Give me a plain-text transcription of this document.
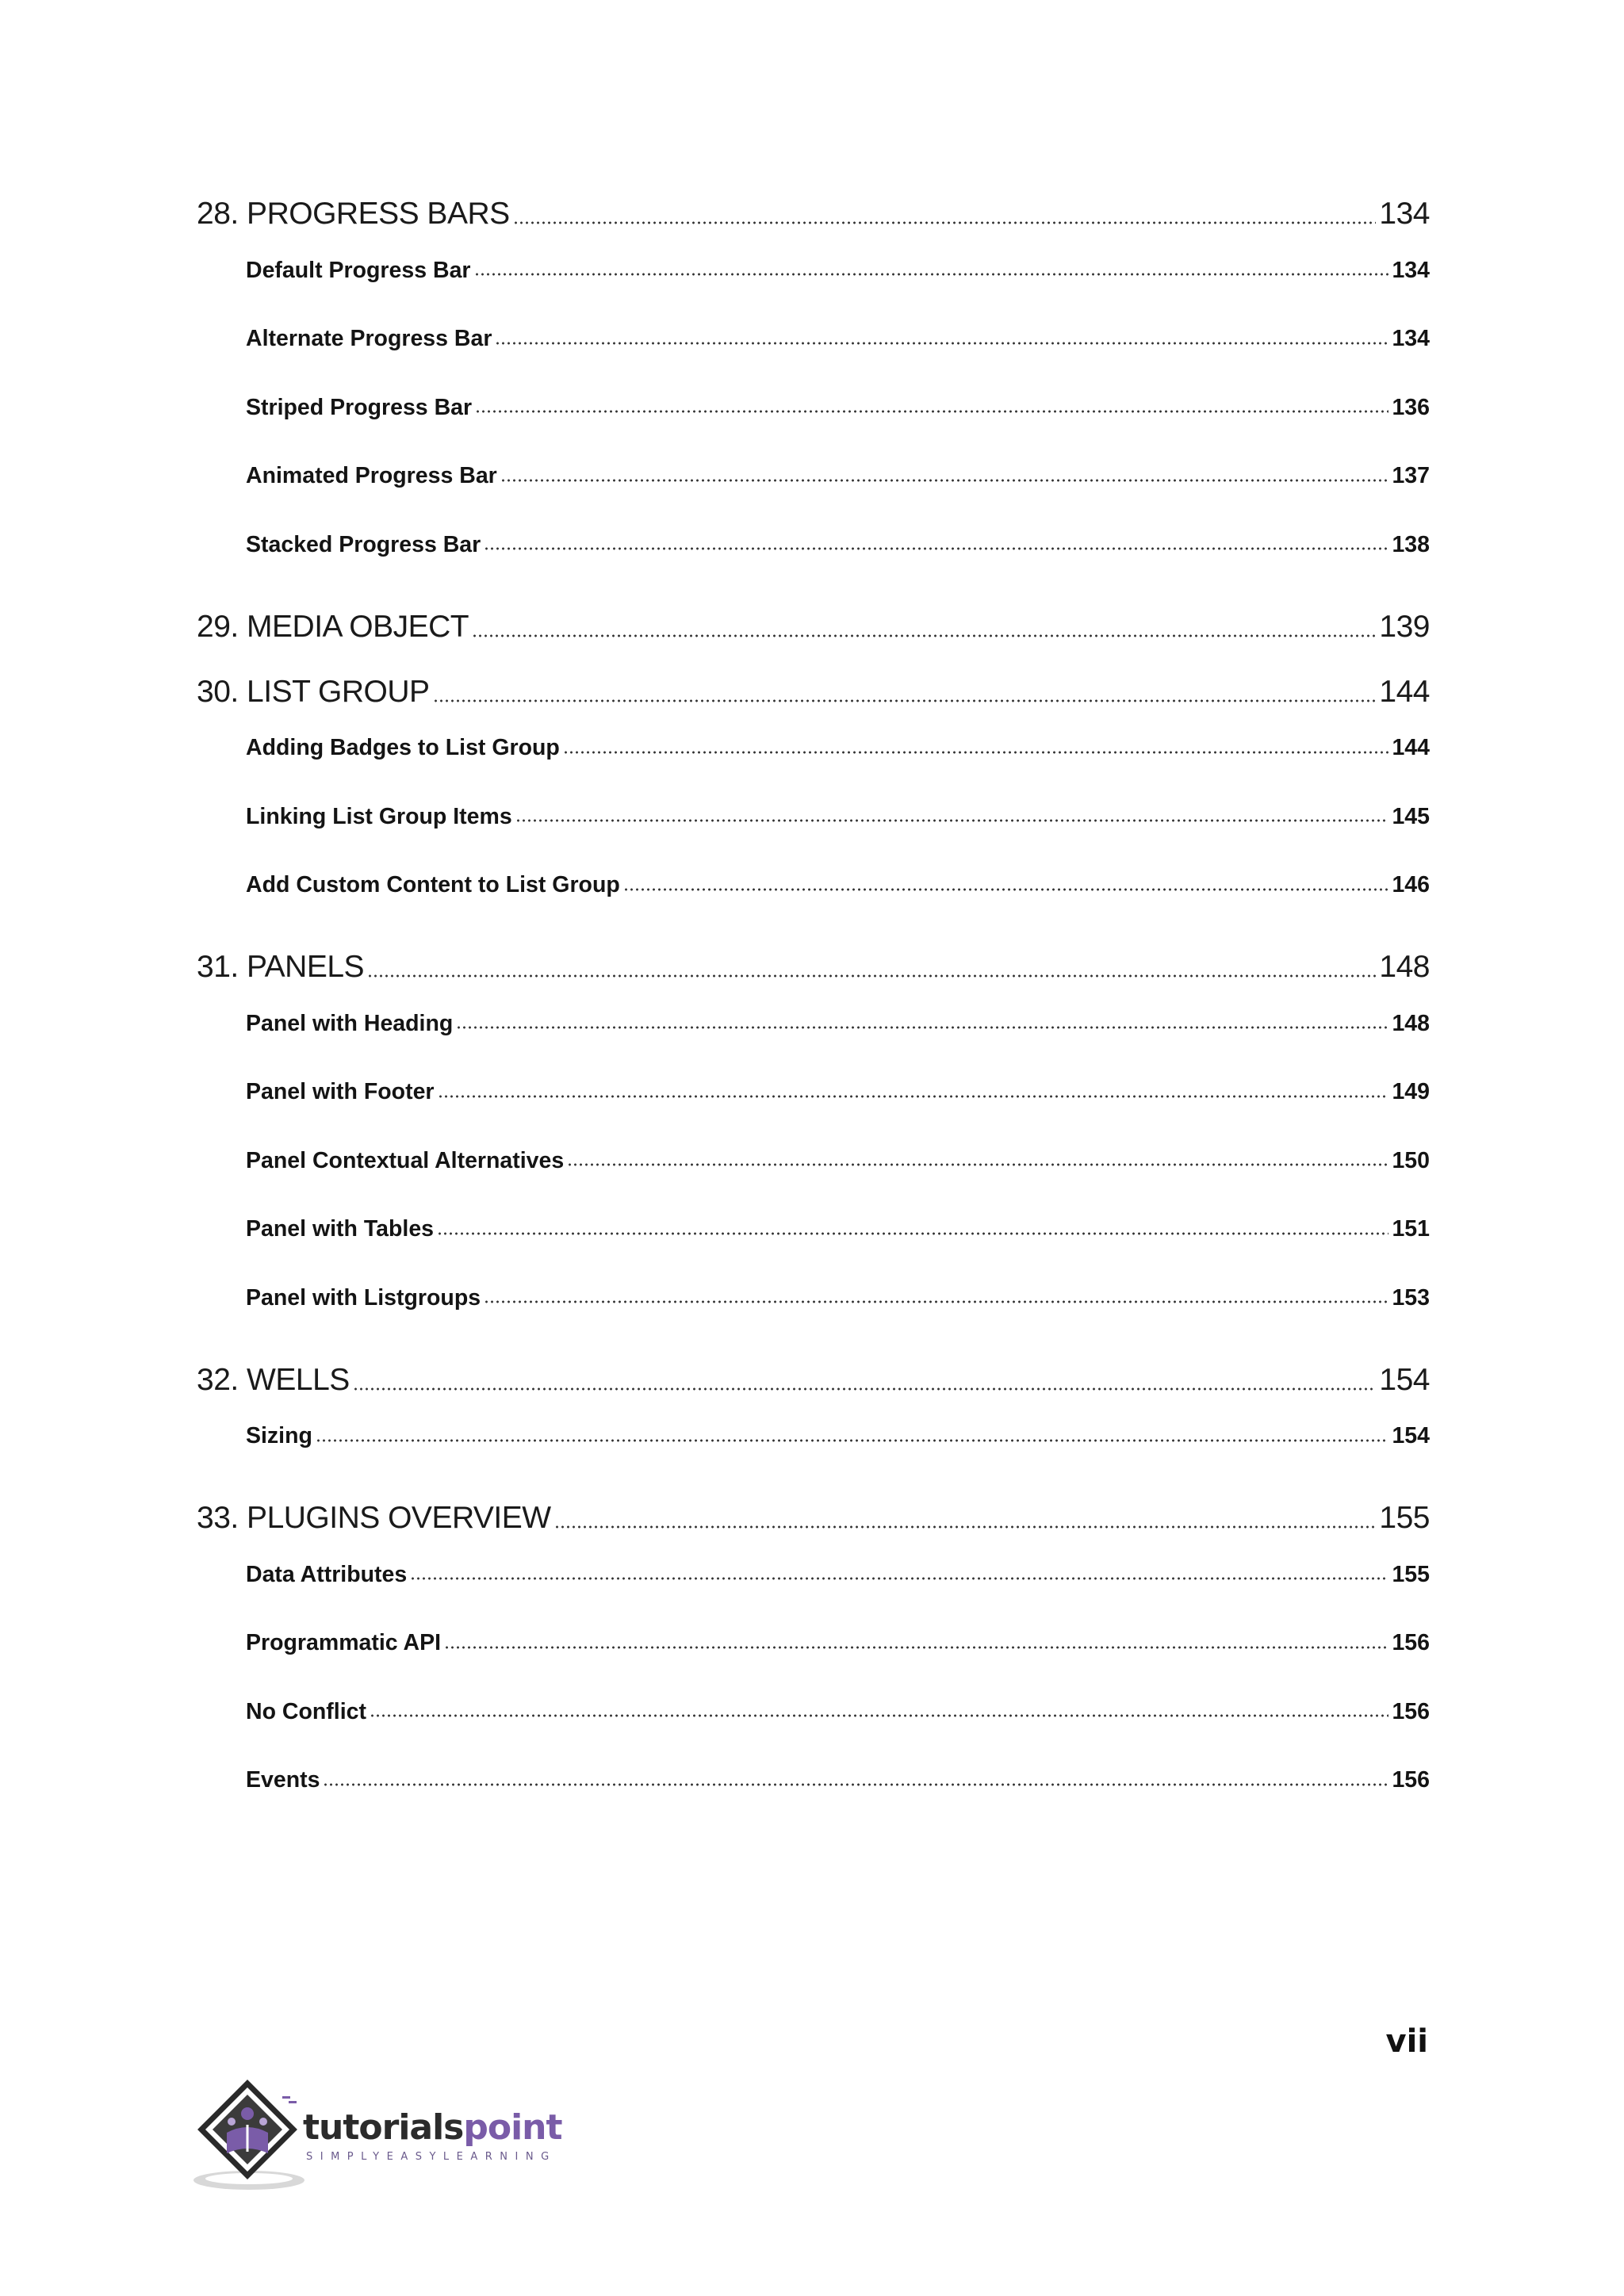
28. PROGRESS BARS	134
Default Progress Bar	134
Alternate Progress Bar	134
Striped Progress Bar	136
Animated Progress Bar	137
Stacked Progress Bar	138
29. MEDIA OBJECT	139
30. LIST GROUP	144
Adding Badges to List Group	144
Linking List Group Items	145
Add Custom Content to List Group	146
31. PANELS	148
Panel with Heading	148
Panel with Footer	149
Panel Contextual Alternatives	150
Panel with Tables	151
Panel with Listgroups	153
32. WELLS	154
Sizing	154
33. PLUGINS OVERVIEW	155
Data Attributes	155
Programmatic API	156
No Conflict	156
Events	156
vii
tutorialspoint
SIMPLYEASYLEARNING
